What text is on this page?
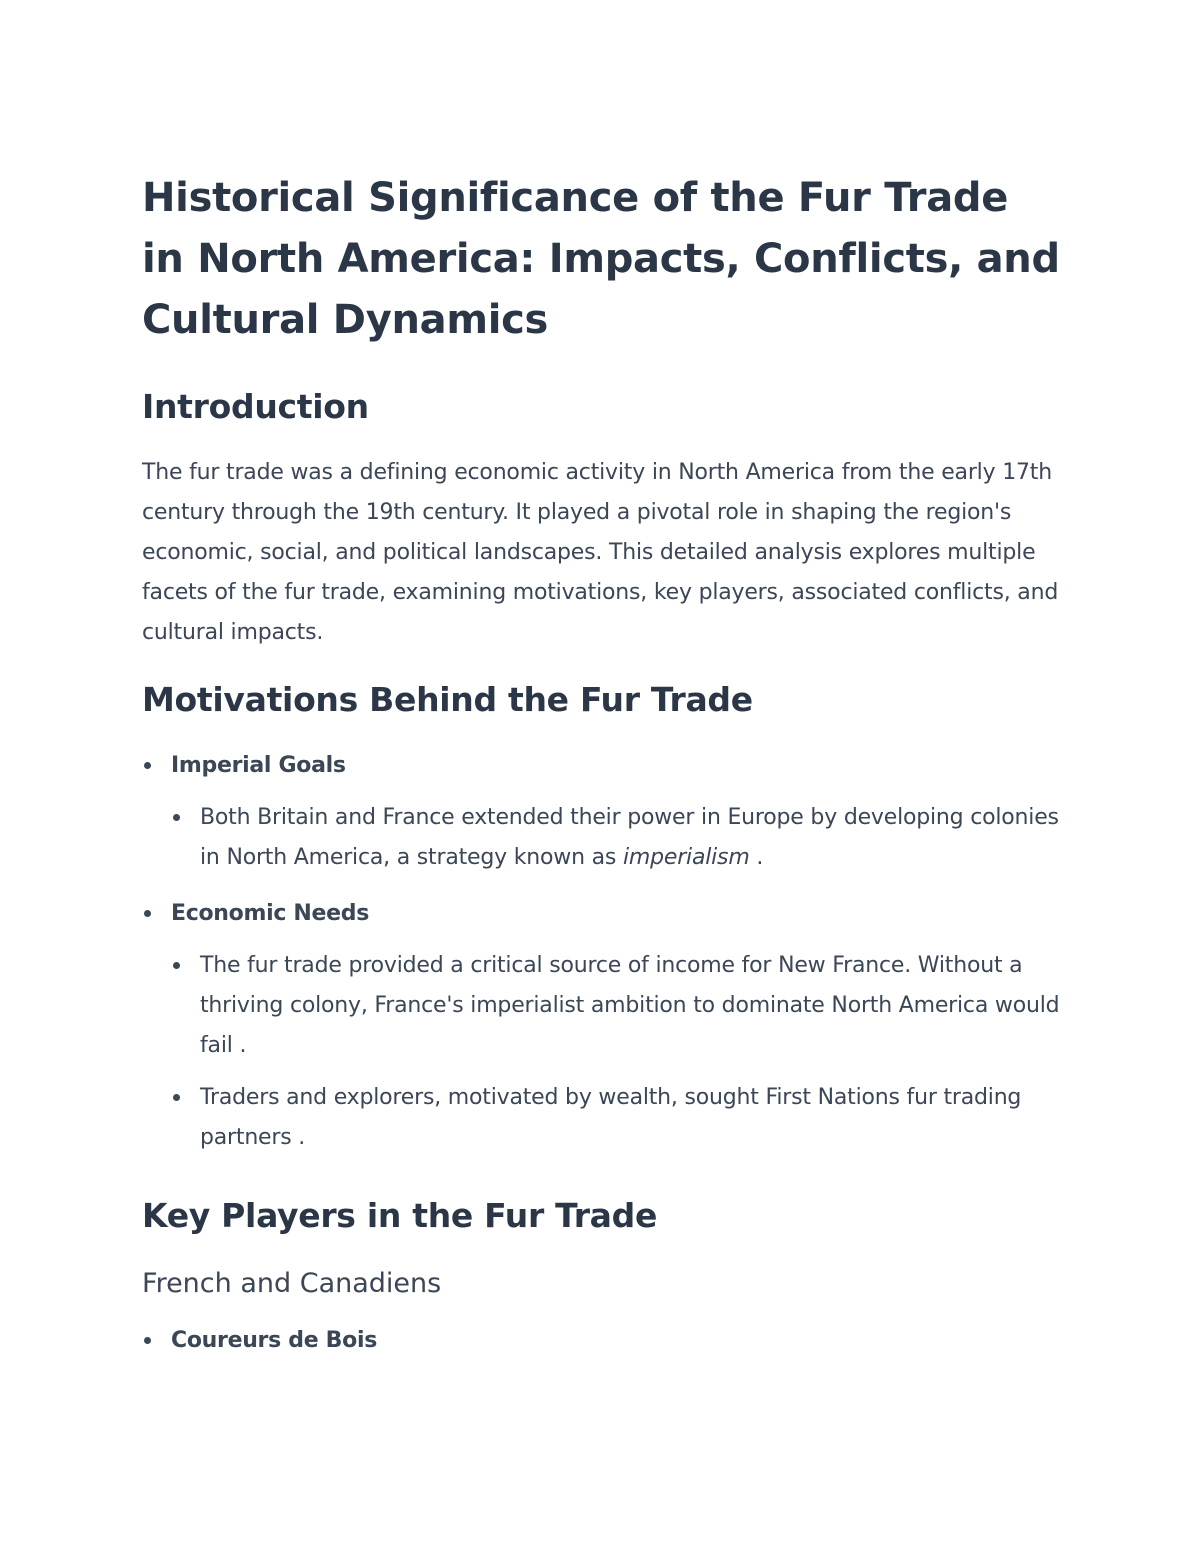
Historical Significance of the Fur Trade in North America: Impacts, Conflicts, and Cultural Dynamics
Introduction

The fur trade was a defining economic activity in North America from the early 17th century through the 19th century. It played a pivotal role in shaping the region's economic, social, and political landscapes. This detailed analysis explores multiple facets of the fur trade, examining motivations, key players, associated conflicts, and cultural impacts.

Motivations Behind the Fur Trade
Imperial Goals
Both Britain and France extended their power in Europe by developing colonies in North America, a strategy known as imperialism .
Economic Needs
The fur trade provided a critical source of income for New France. Without a thriving colony, France's imperialist ambition to dominate North America would fail .
Traders and explorers, motivated by wealth, sought First Nations fur trading partners .
Key Players in the Fur Trade
French and Canadiens
Coureurs de Bois
